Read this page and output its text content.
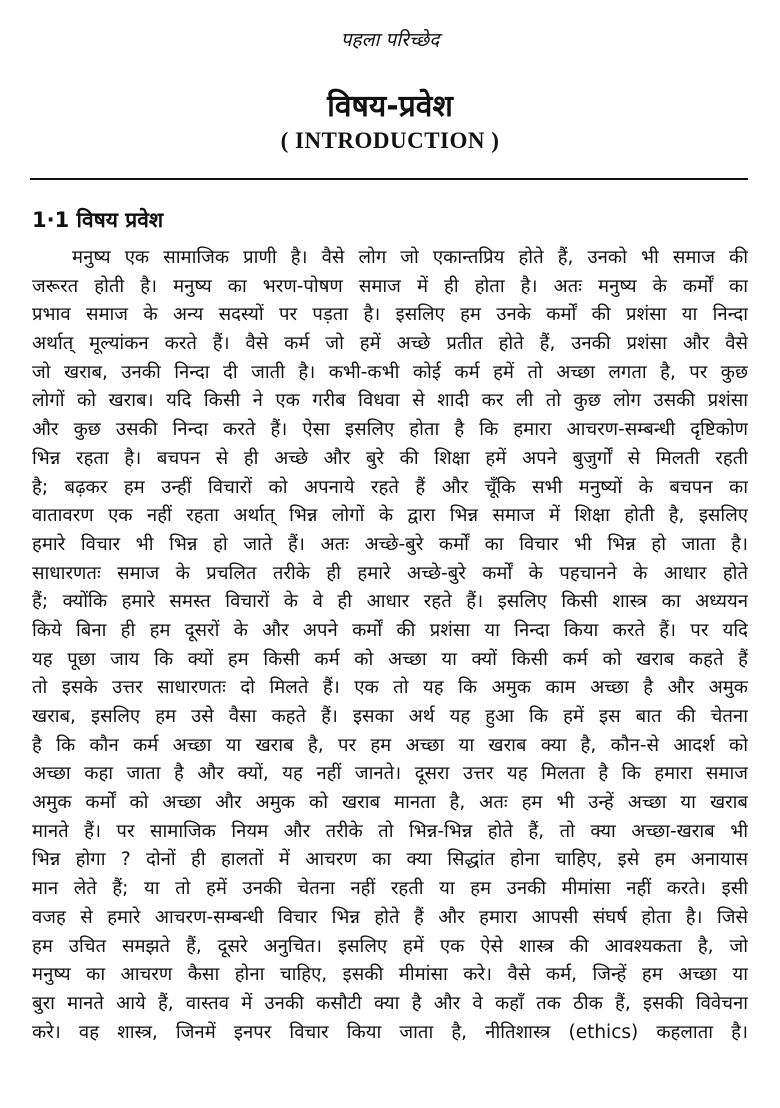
पहला परिच्छेद
विषय-प्रवेश
( INTRODUCTION )
1·1 विषय प्रवेश
मनुष्य एक सामाजिक प्राणी है। वैसे लोग जो एकान्तप्रिय होते हैं, उनको भी समाज की
जरूरत होती है। मनुष्य का भरण-पोषण समाज में ही होता है। अतः मनुष्य के कर्मों का
प्रभाव समाज के अन्य सदस्यों पर पड़ता है। इसलिए हम उनके कर्मों की प्रशंसा या निन्दा
अर्थात् मूल्यांकन करते हैं। वैसे कर्म जो हमें अच्छे प्रतीत होते हैं, उनकी प्रशंसा और वैसे
जो खराब, उनकी निन्दा दी जाती है। कभी-कभी कोई कर्म हमें तो अच्छा लगता है, पर कुछ
लोगों को खराब। यदि किसी ने एक गरीब विधवा से शादी कर ली तो कुछ लोग उसकी प्रशंसा
और कुछ उसकी निन्दा करते हैं। ऐसा इसलिए होता है कि हमारा आचरण-सम्बन्धी दृष्टिकोण
भिन्न रहता है। बचपन से ही अच्छे और बुरे की शिक्षा हमें अपने बुजुर्गों से मिलती रहती
है; बढ़कर हम उन्हीं विचारों को अपनाये रहते हैं और चूँकि सभी मनुष्यों के बचपन का
वातावरण एक नहीं रहता अर्थात् भिन्न लोगों के द्वारा भिन्न समाज में शिक्षा होती है, इसलिए
हमारे विचार भी भिन्न हो जाते हैं। अतः अच्छे-बुरे कर्मों का विचार भी भिन्न हो जाता है।
साधारणतः समाज के प्रचलित तरीके ही हमारे अच्छे-बुरे कर्मों के पहचानने के आधार होते
हैं; क्योंकि हमारे समस्त विचारों के वे ही आधार रहते हैं। इसलिए किसी शास्त्र का अध्ययन
किये बिना ही हम दूसरों के और अपने कर्मों की प्रशंसा या निन्दा किया करते हैं। पर यदि
यह पूछा जाय कि क्यों हम किसी कर्म को अच्छा या क्यों किसी कर्म को खराब कहते हैं
तो इसके उत्तर साधारणतः दो मिलते हैं। एक तो यह कि अमुक काम अच्छा है और अमुक
खराब, इसलिए हम उसे वैसा कहते हैं। इसका अर्थ यह हुआ कि हमें इस बात की चेतना
है कि कौन कर्म अच्छा या खराब है, पर हम अच्छा या खराब क्या है, कौन-से आदर्श को
अच्छा कहा जाता है और क्यों, यह नहीं जानते। दूसरा उत्तर यह मिलता है कि हमारा समाज
अमुक कर्मों को अच्छा और अमुक को खराब मानता है, अतः हम भी उन्हें अच्छा या खराब
मानते हैं। पर सामाजिक नियम और तरीके तो भिन्न-भिन्न होते हैं, तो क्या अच्छा-खराब भी
भिन्न होगा ? दोनों ही हालतों में आचरण का क्या सिद्धांत होना चाहिए, इसे हम अनायास
मान लेते हैं; या तो हमें उनकी चेतना नहीं रहती या हम उनकी मीमांसा नहीं करते। इसी
वजह से हमारे आचरण-सम्बन्धी विचार भिन्न होते हैं और हमारा आपसी संघर्ष होता है। जिसे
हम उचित समझते हैं, दूसरे अनुचित। इसलिए हमें एक ऐसे शास्त्र की आवश्यकता है, जो
मनुष्य का आचरण कैसा होना चाहिए, इसकी मीमांसा करे। वैसे कर्म, जिन्हें हम अच्छा या
बुरा मानते आये हैं, वास्तव में उनकी कसौटी क्या है और वे कहाँ तक ठीक हैं, इसकी विवेचना
करे। वह शास्त्र, जिनमें इनपर विचार किया जाता है, नीतिशास्त्र (ethics) कहलाता है।
